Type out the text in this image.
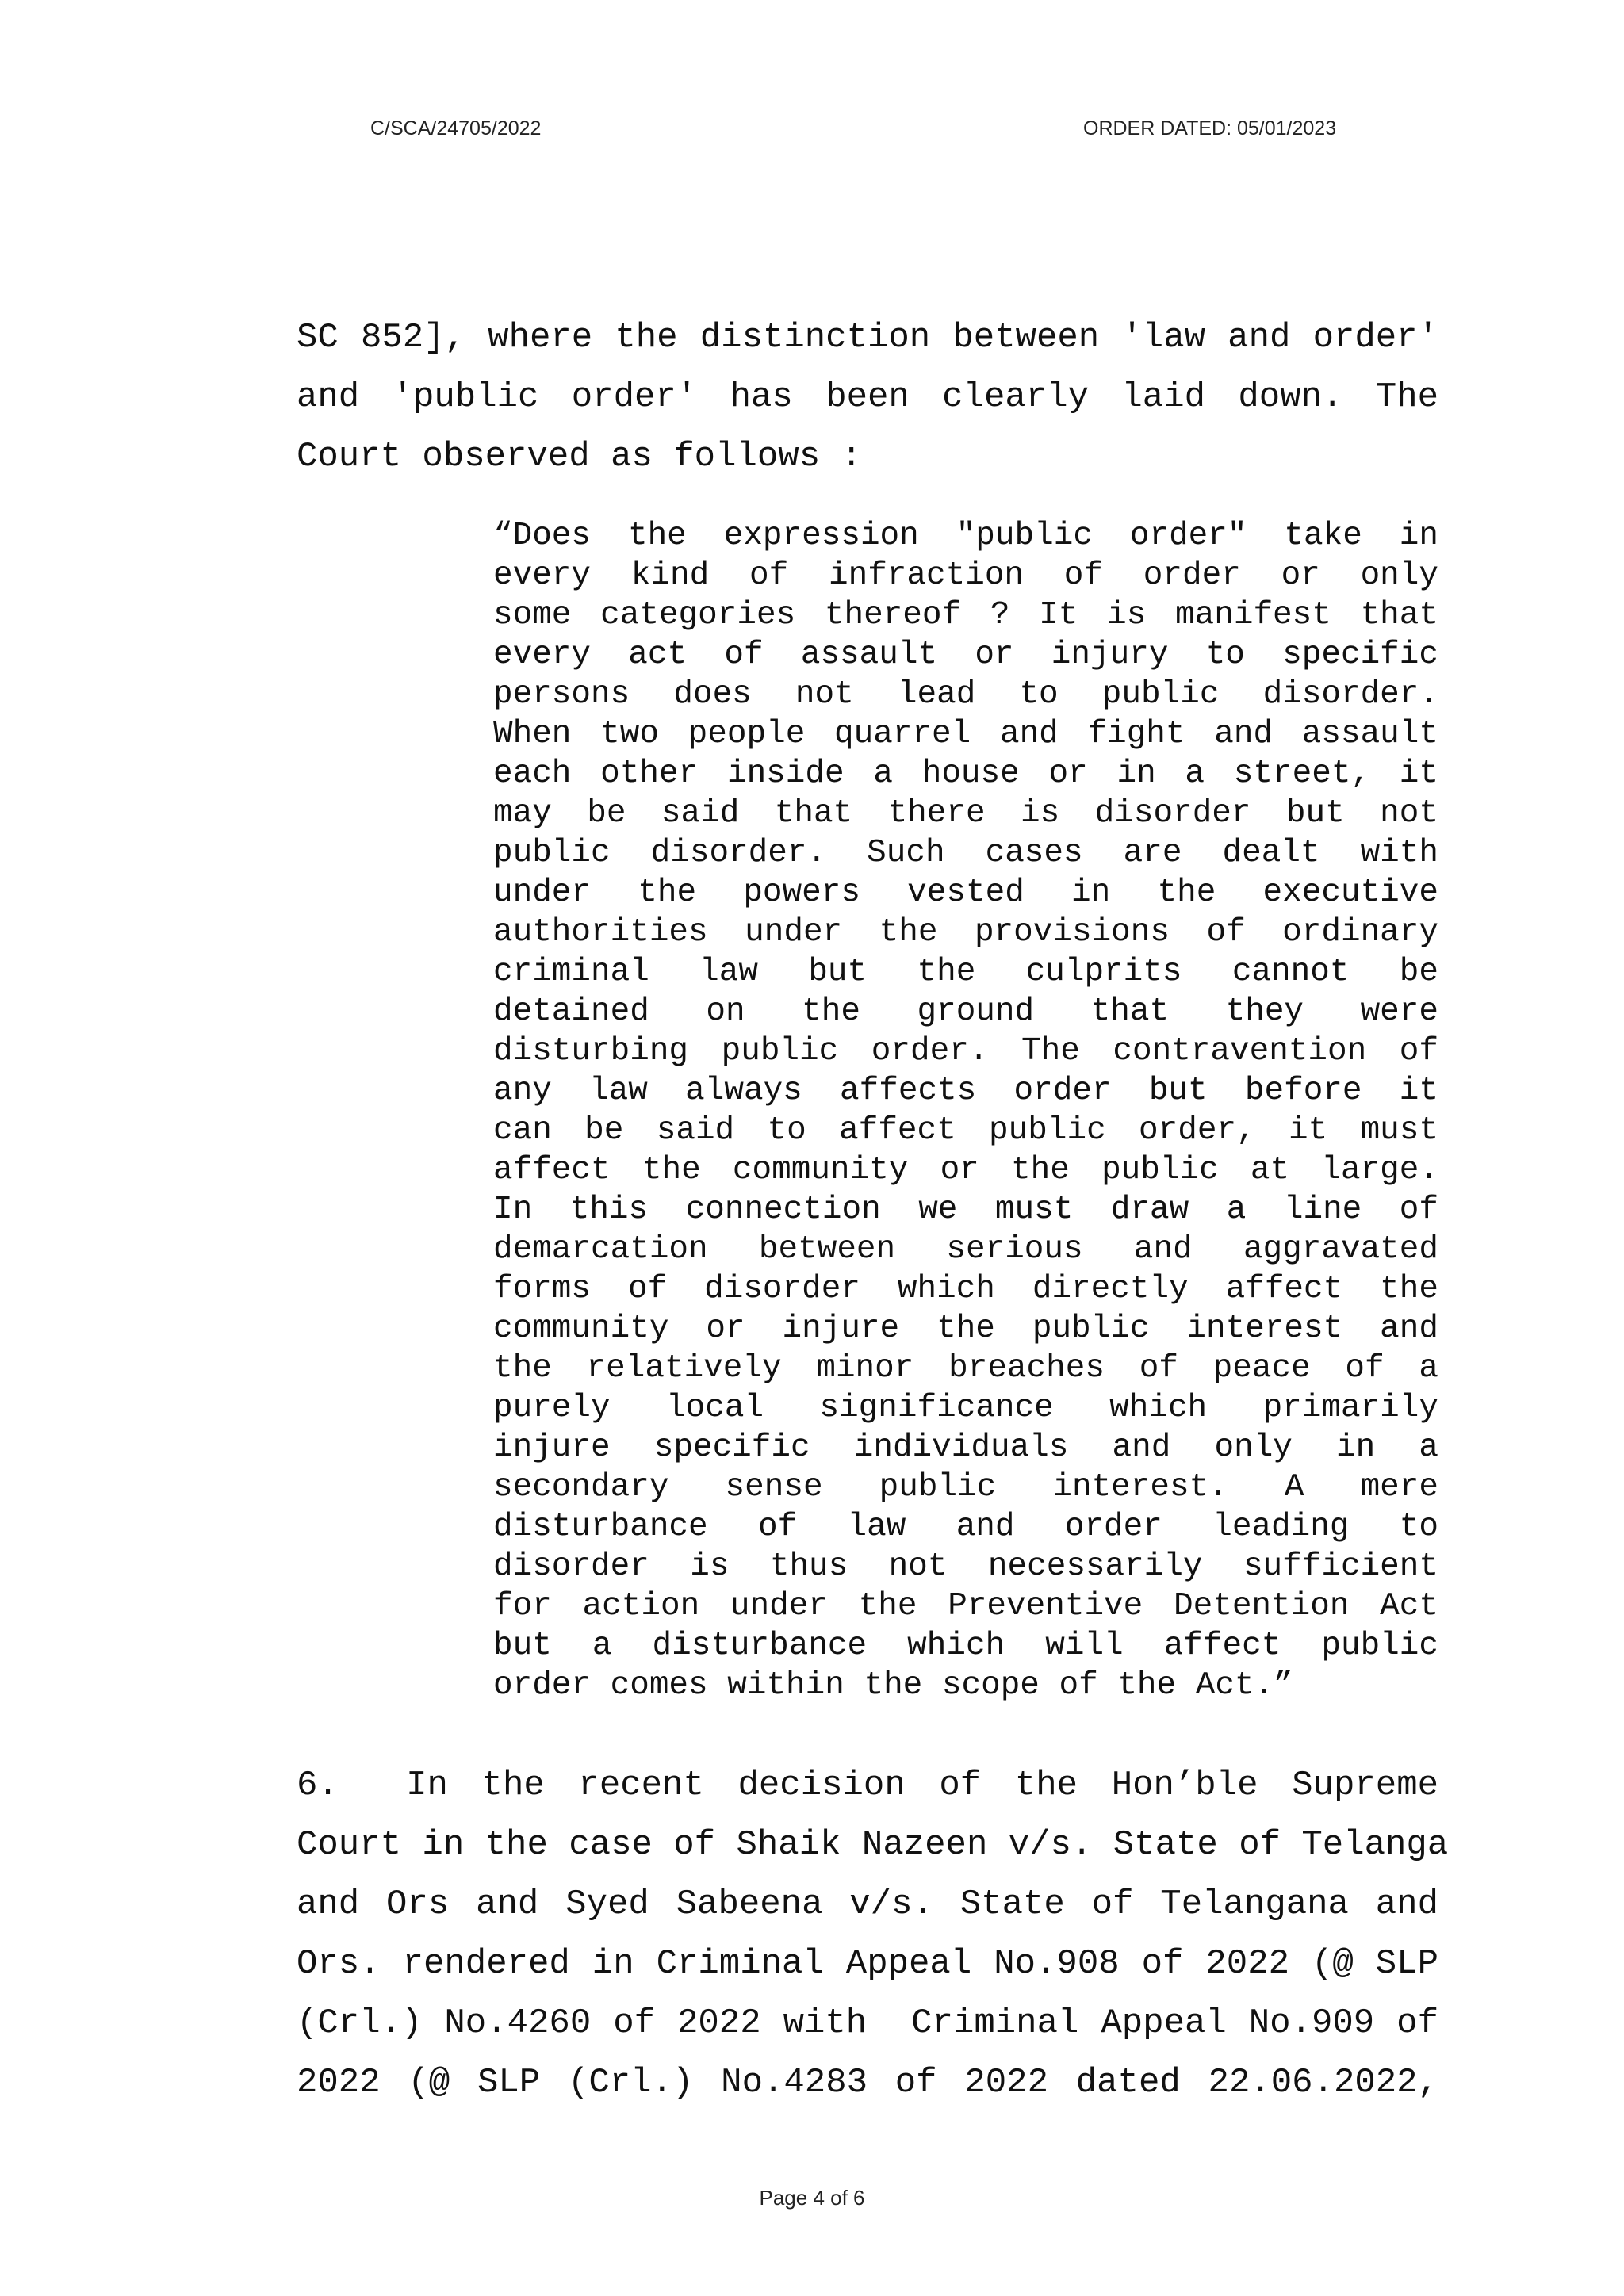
C/SCA/24705/2022	ORDER DATED: 05/01/2023
SC 852], where the distinction between 'law and order'
and 'public order' has been clearly laid down. The
Court observed as follows :
“Does the expression "public order" take in
every kind of infraction of order or only
some categories thereof ? It is manifest that
every act of assault or injury to specific
persons does not lead to public disorder.
When two people quarrel and fight and assault
each other inside a house or in a street, it
may be said that there is disorder but not
public disorder. Such cases are dealt with
under the powers vested in the executive
authorities under the provisions of ordinary
criminal law but the culprits cannot be
detained on the ground that they were
disturbing public order. The contravention of
any law always affects order but before it
can be said to affect public order, it must
affect the community or the public at large.
In this connection we must draw a line of
demarcation between serious and aggravated
forms of disorder which directly affect the
community or injure the public interest and
the relatively minor breaches of peace of a
purely local significance which primarily
injure specific individuals and only in a
secondary sense public interest. A mere
disturbance of law and order leading to
disorder is thus not necessarily sufficient
for action under the Preventive Detention Act
but a disturbance which will affect public
order comes within the scope of the Act.”
6.  In the recent decision of the Hon’ble Supreme
Court in the case of Shaik Nazeen v/s. State of Telanga
and Ors and Syed Sabeena v/s. State of Telangana and
Ors. rendered in Criminal Appeal No.908 of 2022 (@ SLP
(Crl.) No.4260 of 2022 with  Criminal Appeal No.909 of
2022 (@ SLP (Crl.) No.4283 of 2022 dated 22.06.2022,
Page 4 of 6
